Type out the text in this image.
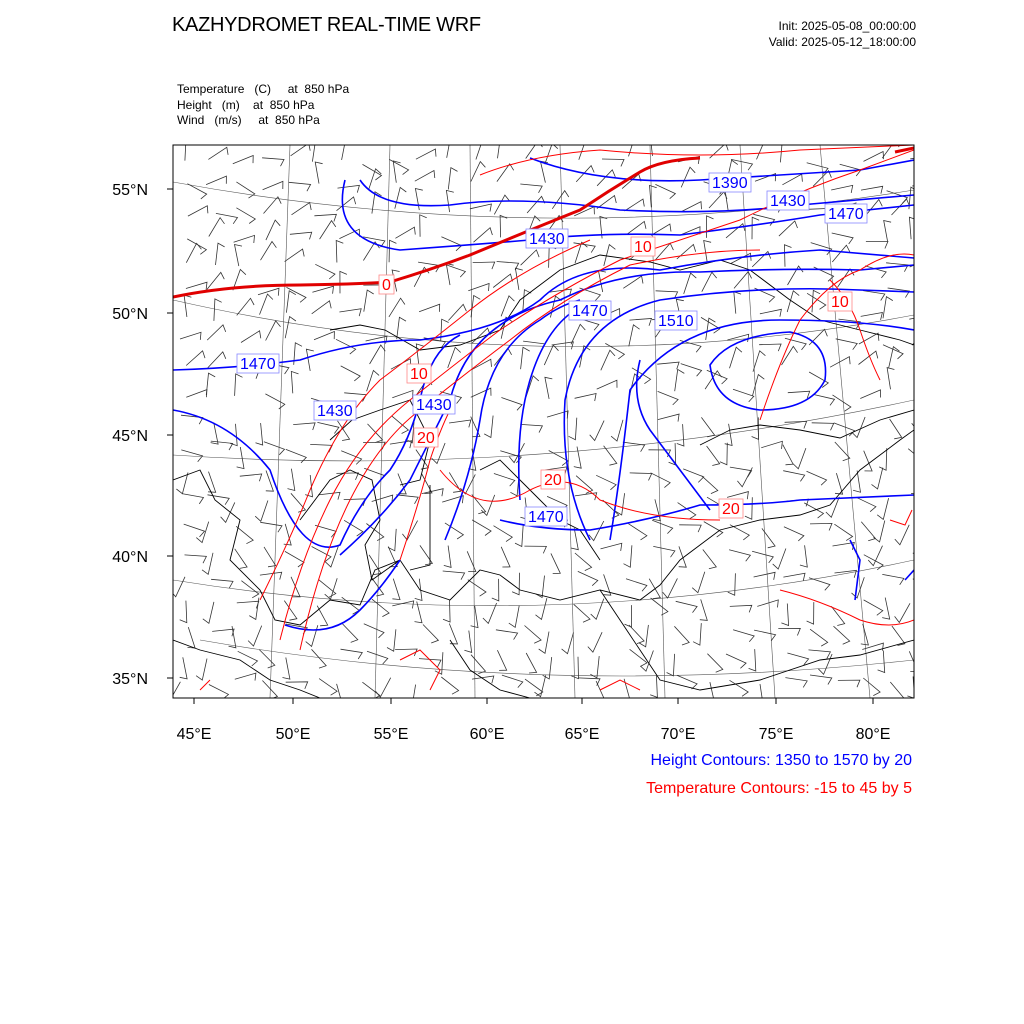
KAZHYDROMET REAL-TIME WRF	Init: 2025-05-08_00:00:00
Valid: 2025-05-12_18:00:00
Temperature (C) at  850 hPa
Height (m) at  850 hPa
Wind (m/s) at  850 hPa
1390
1430
1470
1430
1470
1510
1470
1430	1430
1470
0
10
10
10
20
20
20
55°N
50°N
45°N
40°N
35°N
45°E	50°E	55°E	60°E	65°E	70°E	75°E	80°E
Height Contours: 1350 to 1570 by 20
Temperature Contours: -15 to 45 by 5
